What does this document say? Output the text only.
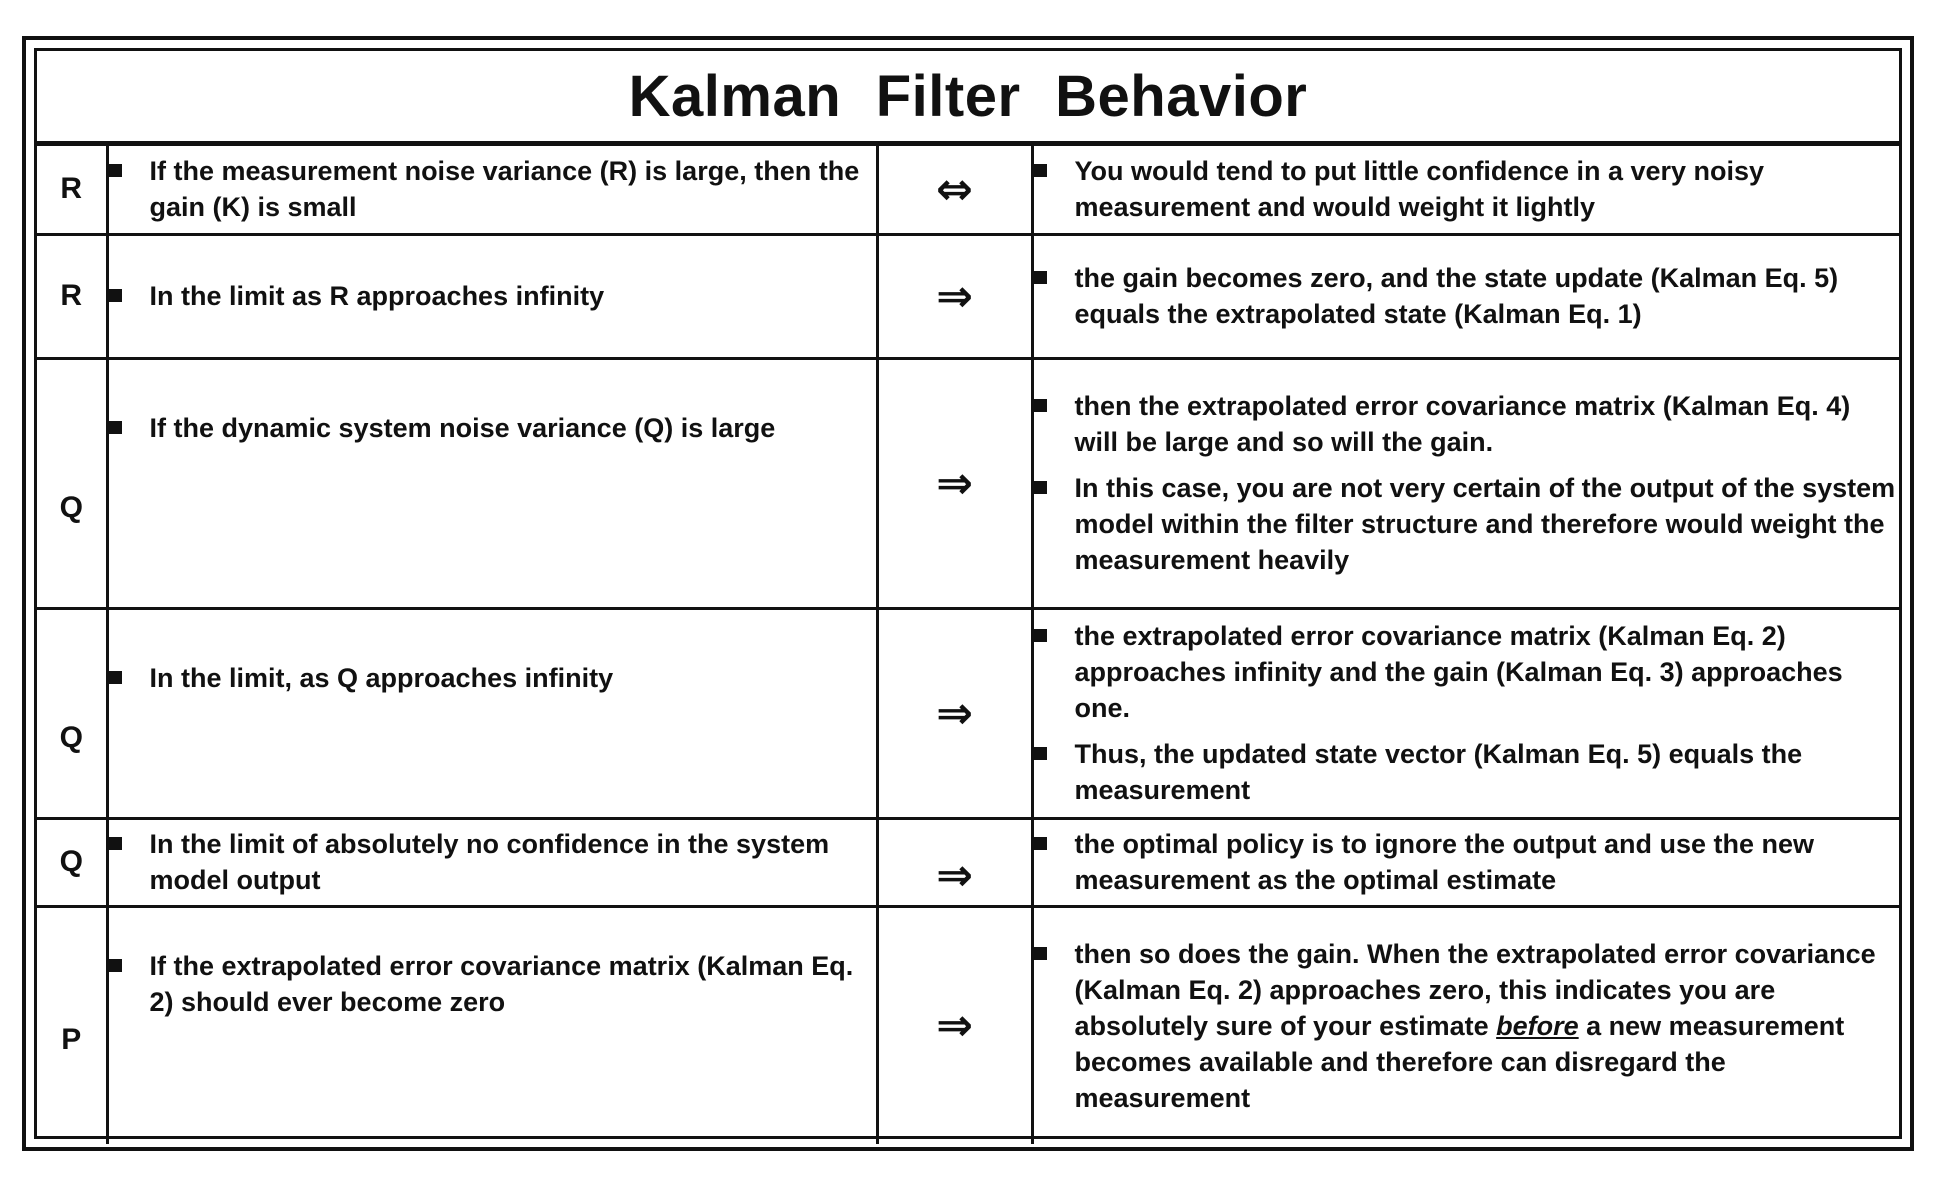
Kalman Filter Behavior
R	If the measurement noise variance (R) is large, then the gain (K) is small	⇔	You would tend to put little confidence in a very noisy measurement and would weight it lightly

R	In the limit as R approaches infinity	⇒	the gain becomes zero, and the state update (Kalman Eq. 5) equals the extrapolated state (Kalman Eq. 1)

Q	If the dynamic system noise variance (Q) is large	⇒	then the extrapolated error covariance matrix (Kalman Eq. 4) will be large and so will the gain.
In this case, you are not very certain of the output of the system model within the filter structure and therefore would weight the measurement heavily

Q	In the limit, as Q approaches infinity	⇒	the extrapolated error covariance matrix (Kalman Eq. 2) approaches infinity and the gain (Kalman Eq. 3) approaches one.
Thus, the updated state vector (Kalman Eq. 5) equals the measurement

Q	In the limit of absolutely no confidence in the system model output	⇒	the optimal policy is to ignore the output and use the new measurement as the optimal estimate

P	If the extrapolated error covariance matrix (Kalman Eq. 2) should ever become zero	⇒	then so does the gain. When the extrapolated error covariance (Kalman Eq. 2) approaches zero, this indicates you are absolutely sure of your estimate before a new measurement becomes available and therefore can disregard the measurement
